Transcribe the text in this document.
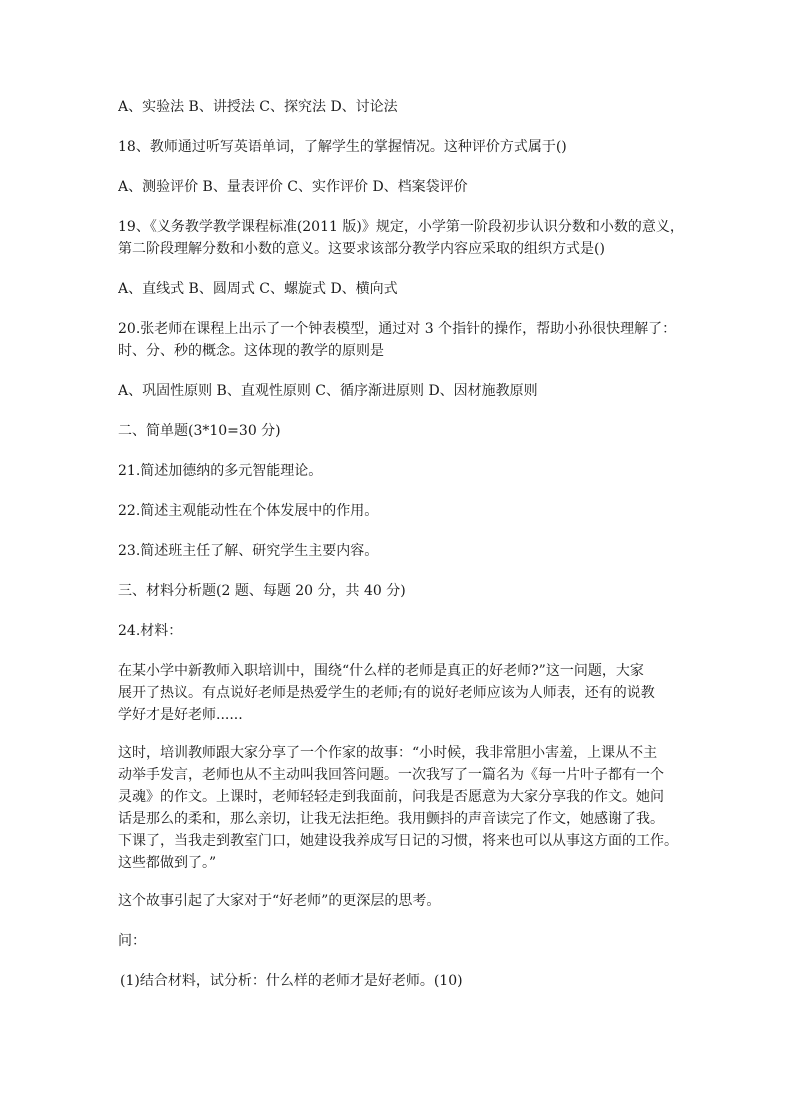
A、实验法 B、讲授法 C、探究法 D、讨论法
18、教师通过听写英语单词，了解学生的掌握情况。这种评价方式属于()
A、测验评价 B、量表评价 C、实作评价 D、档案袋评价
19、《义务教学教学课程标准(2011 版)》规定，小学第一阶段初步认识分数和小数的意义，
第二阶段理解分数和小数的意义。这要求该部分教学内容应采取的组织方式是()
A、直线式 B、圆周式 C、螺旋式 D、横向式
20.张老师在课程上出示了一个钟表模型，通过对 3 个指针的操作，帮助小孙很快理解了：
时、分、秒的概念。这体现的教学的原则是
A、巩固性原则 B、直观性原则 C、循序渐进原则 D、因材施教原则
二、简单题(3*10=30 分)
21.简述加德纳的多元智能理论。
22.简述主观能动性在个体发展中的作用。
23.简述班主任了解、研究学生主要内容。
三、材料分析题(2 题、每题 20 分，共 40 分)
24.材料：
在某小学中新教师入职培训中，围绕“什么样的老师是真正的好老师?”这一问题，大家
展开了热议。有点说好老师是热爱学生的老师;有的说好老师应该为人师表，还有的说教
学好才是好老师......
这时，培训教师跟大家分享了一个作家的故事：“小时候，我非常胆小害羞，上课从不主
动举手发言，老师也从不主动叫我回答问题。一次我写了一篇名为《每一片叶子都有一个
灵魂》的作文。上课时，老师轻轻走到我面前，问我是否愿意为大家分享我的作文。她问
话是那么的柔和，那么亲切，让我无法拒绝。我用颤抖的声音读完了作文，她感谢了我。
下课了，当我走到教室门口，她建设我养成写日记的习惯，将来也可以从事这方面的工作。
这些都做到了。”
这个故事引起了大家对于“好老师”的更深层的思考。
问：
(1)结合材料，试分析：什么样的老师才是好老师。(10)
